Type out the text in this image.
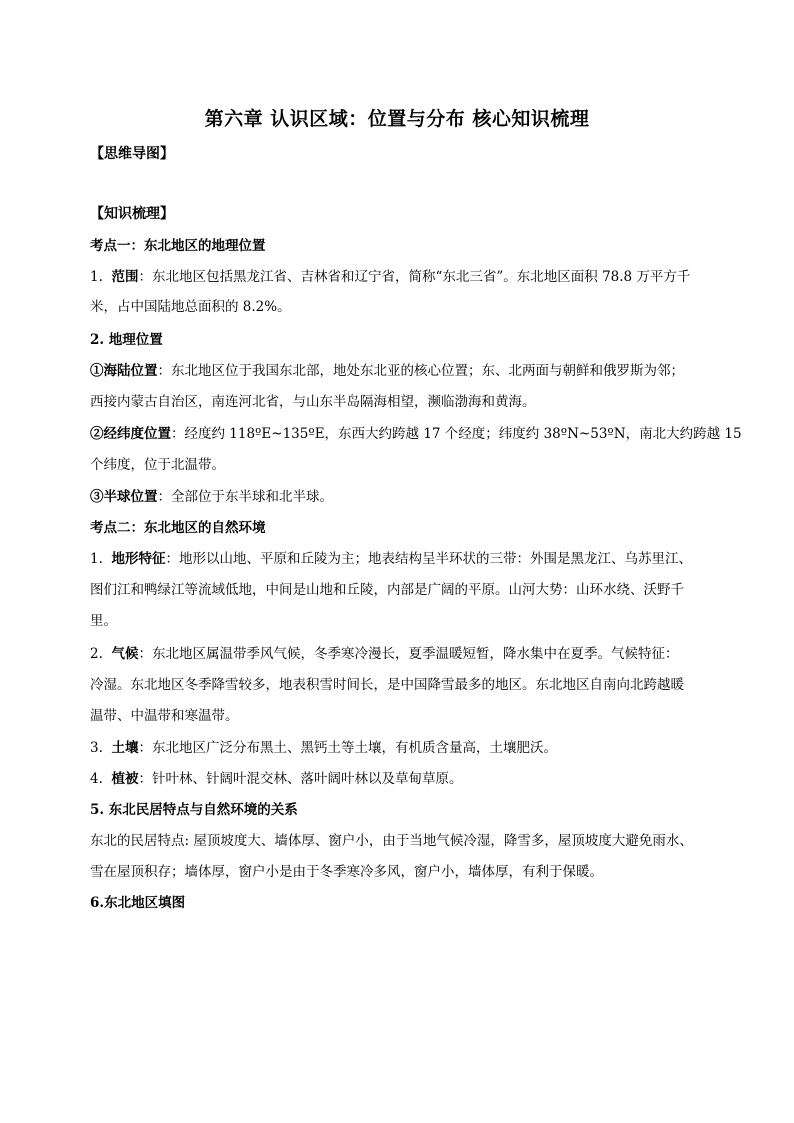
第六章 认识区域：位置与分布 核心知识梳理
【思维导图】
【知识梳理】
考点一：东北地区的地理位置
1. 范围：东北地区包括黑龙江省、吉林省和辽宁省，简称“东北三省”。东北地区面积 78.8 万平方千
米，占中国陆地总面积的 8.2%。
2. 地理位置
①海陆位置：东北地区位于我国东北部，地处东北亚的核心位置；东、北两面与朝鲜和俄罗斯为邻；
西接内蒙古自治区，南连河北省，与山东半岛隔海相望，濒临渤海和黄海。
②经纬度位置：经度约 118ºE~135ºE，东西大约跨越 17 个经度；纬度约 38ºN~53ºN，南北大约跨越 15
个纬度，位于北温带。
③半球位置：全部位于东半球和北半球。
考点二：东北地区的自然环境
1. 地形特征：地形以山地、平原和丘陵为主；地表结构呈半环状的三带：外围是黑龙江、乌苏里江、
图们江和鸭绿江等流域低地，中间是山地和丘陵，内部是广阔的平原。山河大势：山环水绕、沃野千
里。
2. 气候：东北地区属温带季风气候，冬季寒冷漫长，夏季温暖短暂，降水集中在夏季。气候特征：
冷湿。东北地区冬季降雪较多，地表积雪时间长，是中国降雪最多的地区。东北地区自南向北跨越暖
温带、中温带和寒温带。
3. 土壤：东北地区广泛分布黑土、黑钙土等土壤，有机质含量高，土壤肥沃。
4. 植被：针叶林、针阔叶混交林、落叶阔叶林以及草甸草原。
5. 东北民居特点与自然环境的关系
东北的民居特点: 屋顶坡度大、墙体厚、窗户小，由于当地气候冷湿，降雪多，屋顶坡度大避免雨水、
雪在屋顶积存；墙体厚，窗户小是由于冬季寒冷多风，窗户小，墙体厚，有利于保暖。
6.东北地区填图
